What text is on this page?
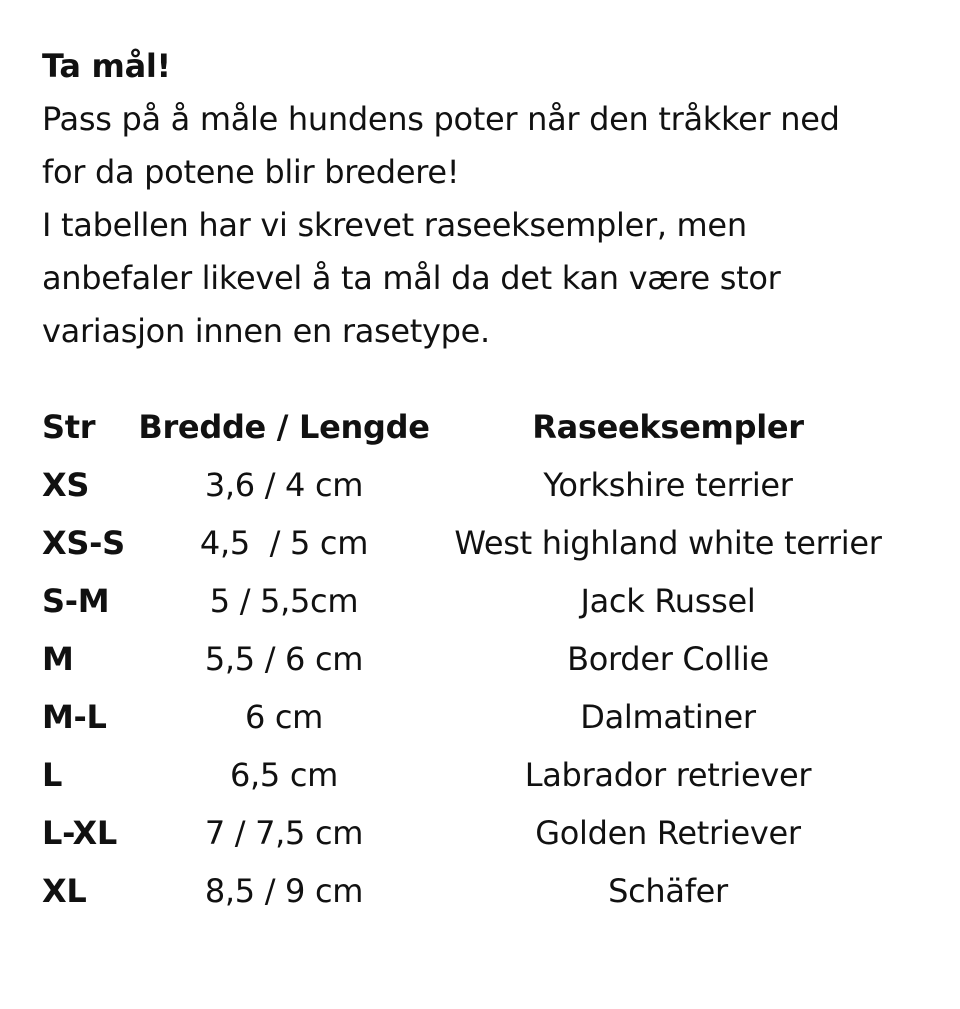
Ta mål!
Pass på å måle hundens poter når den tråkker ned
for da potene blir bredere!
I tabellen har vi skrevet raseeksempler, men
anbefaler likevel å ta mål da det kan være stor
variasjon innen en rasetype.
Str	Bredde / Lengde	Raseeksempler
XS	3,6 / 4 cm	Yorkshire terrier
XS-S	4,5  / 5 cm	West highland white terrier
S-M	5 / 5,5cm	Jack Russel
M	5,5 / 6 cm	Border Collie
M-L	6 cm	Dalmatiner
L	6,5 cm	Labrador retriever
L-XL	7 / 7,5 cm	Golden Retriever
XL	8,5 / 9 cm	Schäfer
